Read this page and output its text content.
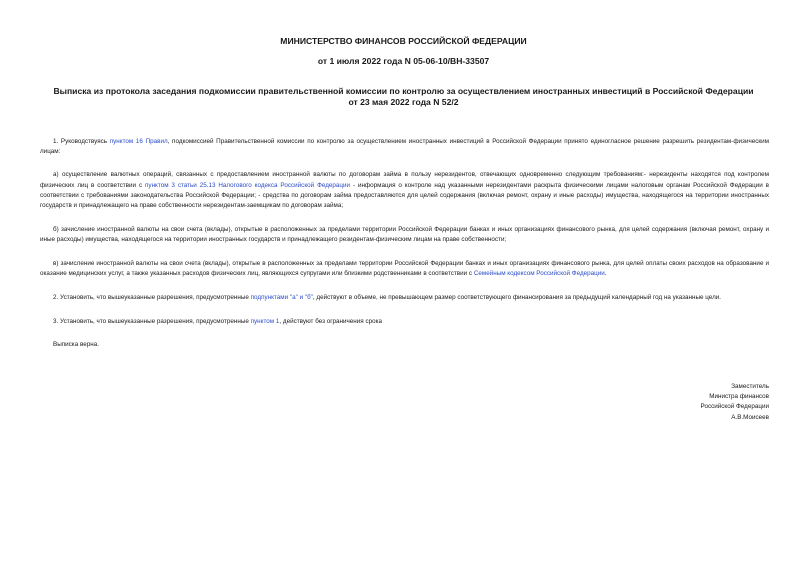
МИНИСТЕРСТВО ФИНАНСОВ РОССИЙСКОЙ ФЕДЕРАЦИИ
от 1 июля 2022 года N 05-06-10/ВН-33507
Выписка из протокола заседания подкомиссии правительственной комиссии по контролю за осуществлением иностранных инвестиций в Российской Федерации
от 23 мая 2022 года N 52/2

1. Руководствуясь пунктом 16 Правил, подкомиссией Правительственной комиссии по контролю за осуществлением иностранных инвестиций в Российской Федерации принято единогласное решение разрешить резидентам-физическим лицам:

а) осуществление валютных операций, связанных с предоставлением иностранной валюты по договорам займа в пользу нерезидентов, отвечающих одновременно следующим требованиям:- нерезиденты находятся под контролем физических лиц в соответствии с пунктом 3 статьи 25.13 Налогового кодекса Российской Федерации - информация о контроле над указанными нерезидентами раскрыта физическими лицами налоговым органам Российской Федерации в соответствии с требованиями законодательства Российской Федерации; - средства по договорам займа предоставляются для целей содержания (включая ремонт, охрану и иные расходы) имущества, находящегося на территории иностранных государств и принадлежащего на праве собственности нерезидентам-заемщикам по договорам займа;

б) зачисление иностранной валюты на свои счета (вклады), открытые в расположенных за пределами территории Российской Федерации банках и иных организациях финансового рынка, для целей содержания (включая ремонт, охрану и иные расходы) имущества, находящегося на территории иностранных государств и принадлежащего резидентам-физическим лицам на праве собственности;

в) зачисление иностранной валюты на свои счета (вклады), открытые в расположенных за пределами территории Российской Федерации банках и иных организациях финансового рынка, для целей оплаты своих расходов на образование и оказание медицинских услуг, а также указанных расходов физических лиц, являющихся супругами или близкими родственниками в соответствии с Семейным кодексом Российской Федерации.

2. Установить, что вышеуказанные разрешения, предусмотренные подпунктами "а" и "б", действуют в объеме, не превышающем размер соответствующего финансирования за предыдущий календарный год на указанные цели.

3. Установить, что вышеуказанные разрешения, предусмотренные пунктом 1, действуют без ограничения срока

Выписка верна.

Заместитель
Министра финансов
Российской Федерации
А.В.Моисеев
